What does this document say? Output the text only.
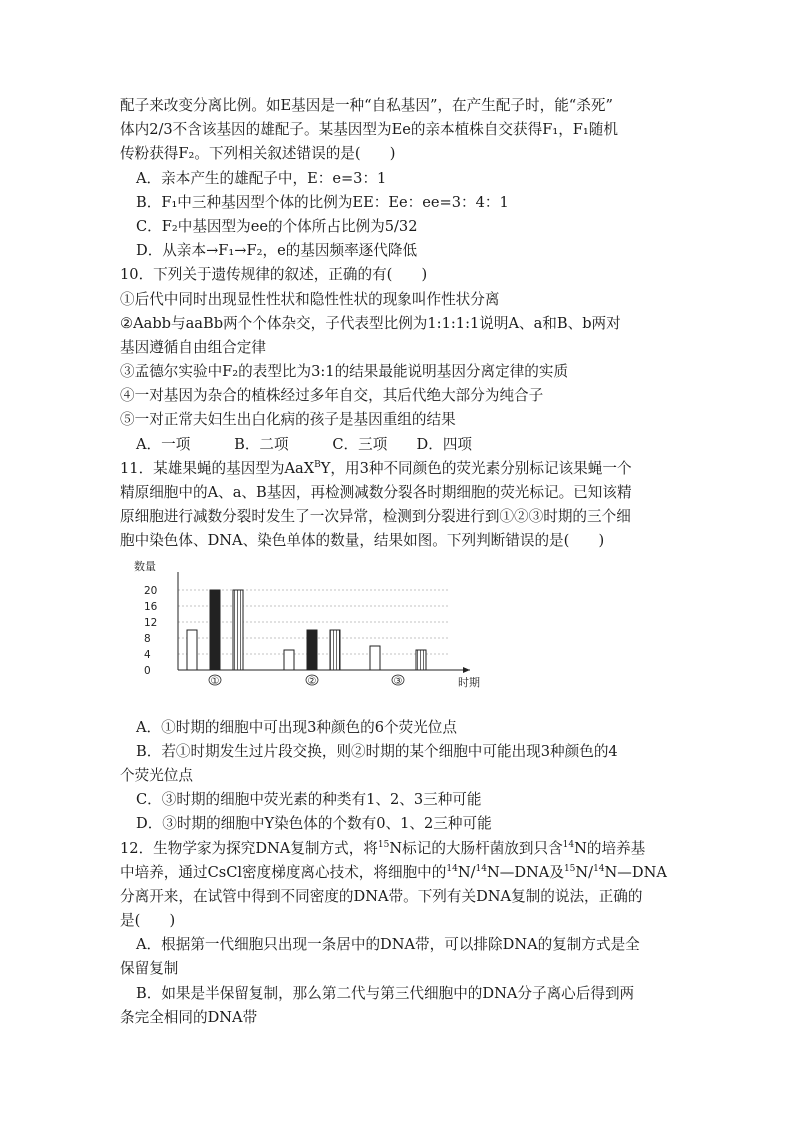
配子来改变分离比例。如E基因是一种“自私基因”，在产生配子时，能“杀死”
体内2/3不含该基因的雄配子。某基因型为Ee的亲本植株自交获得F₁，F₁随机
传粉获得F₂。下列相关叙述错误的是(　　)
A．亲本产生的雄配子中，E：e=3：1
B．F₁中三种基因型个体的比例为EE：Ee：ee=3：4：1
C．F₂中基因型为ee的个体所占比例为5/32
D．从亲本→F₁→F₂，e的基因频率逐代降低
10．下列关于遗传规律的叙述，正确的有(　　)
①后代中同时出现显性性状和隐性性状的现象叫作性状分离
②Aabb与aaBb两个个体杂交，子代表型比例为1:1:1:1说明A、a和B、b两对
基因遵循自由组合定律
③孟德尔实验中F₂的表型比为3:1的结果最能说明基因分离定律的实质
④一对基因为杂合的植株经过多年自交，其后代绝大部分为纯合子
⑤一对正常夫妇生出白化病的孩子是基因重组的结果
A．一项　　　B．二项　　　C．三项　　D．四项
11．某雄果蝇的基因型为AaX$^B$Y，用3种不同颜色的荧光素分别标记该果蝇一个
精原细胞中的A、a、B基因，再检测减数分裂各时期细胞的荧光标记。已知该精
原细胞进行减数分裂时发生了一次异常，检测到分裂进行到①②③时期的三个细
胞中染色体、DNA、染色单体的数量，结果如图。下列判断错误的是(　　)
数量
0
4
8
12
16
20
时期
①	②	③
A．①时期的细胞中可出现3种颜色的6个荧光位点
B．若①时期发生过片段交换，则②时期的某个细胞中可能出现3种颜色的4
个荧光位点
C．③时期的细胞中荧光素的种类有1、2、3三种可能
D．③时期的细胞中Y染色体的个数有0、1、2三种可能
12．生物学家为探究DNA复制方式，将$^{15}$N标记的大肠杆菌放到只含$^{14}$N的培养基
中培养，通过CsCl密度梯度离心技术，将细胞中的$^{14}$N/$^{14}$N—DNA及$^{15}$N/$^{14}$N—DNA
分离开来，在试管中得到不同密度的DNA带。下列有关DNA复制的说法，正确的
是(　　)
A．根据第一代细胞只出现一条居中的DNA带，可以排除DNA的复制方式是全
保留复制
B．如果是半保留复制，那么第二代与第三代细胞中的DNA分子离心后得到两
条完全相同的DNA带
